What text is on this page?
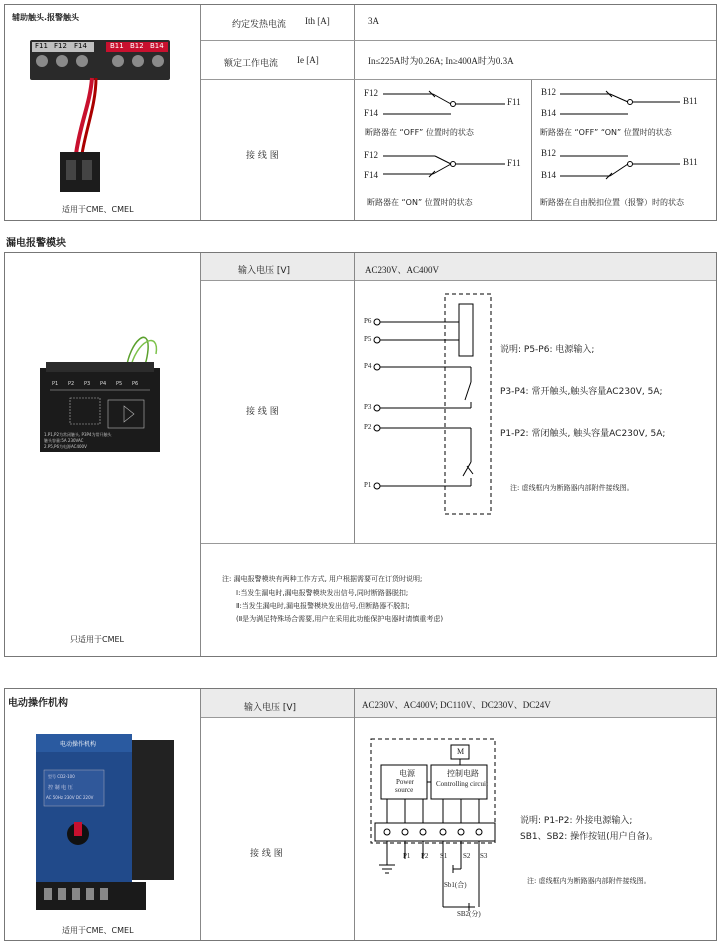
辅助触头.报警触头
F11 F12 F14	B11 B12 B14
适用于CME、CMEL
约定发热电流 Ith [A]	3A
额定工作电流 Ie [A]	In≤225A时为0.26A; In≥400A时为0.3A
接 线 图
F12
F14
F11
断路器在 “OFF” 位置时的状态
F12
F14
F11
断路器在 “ON” 位置时的状态
B12
B14
B11
断路器在 “OFF” “ON” 位置时的状态
B12
B14
B11
断路器在自由脱扣位置（报警）时的状态
漏电报警模块
输入电压 [V]	AC230V、AC400V
接 线 图
P1 P2 P3 P4 P5 P6
1.P1,P2为常闭触头, P3P4为常开触头
触头容量:5A 230VAC
2.P5,P6为电源AC400V
只适用于CMEL
P6
P5
P4
P3
P2
P1
说明: P5-P6: 电源输入;
P3-P4: 常开触头,触头容量AC230V, 5A;
P1-P2: 常闭触头, 触头容量AC230V, 5A;
注: 虚线框内为断路器内部附件接线图。
注: 漏电报警模块有两种工作方式, 用户根据需要可在订货时说明;
Ⅰ:当发生漏电时,漏电报警模块发出信号,同时断路器脱扣;
Ⅱ:当发生漏电时,漏电报警模块发出信号,但断路器不脱扣;
(Ⅱ是为满足特殊场合需要,用户在采用此功能保护电器时请慎重考虑)
电动操作机构	输入电压 [V]	AC230V、AC400V; DC110V、DC230V、DC24V
接 线 图
电动操作机构
型号 CD2-100
控 制 电 压
AC 50Hz 230V DC 220V
适用于CME、CMEL
电源
Power
source
控制电路
Controlling circuit
M
P1 P2 S1 S2 S3
Sb1(合)
SB2(分)
说明: P1-P2: 外接电源输入;
SB1、SB2: 操作按钮(用户自备)。
注: 虚线框内为断路器内部附件接线图。
